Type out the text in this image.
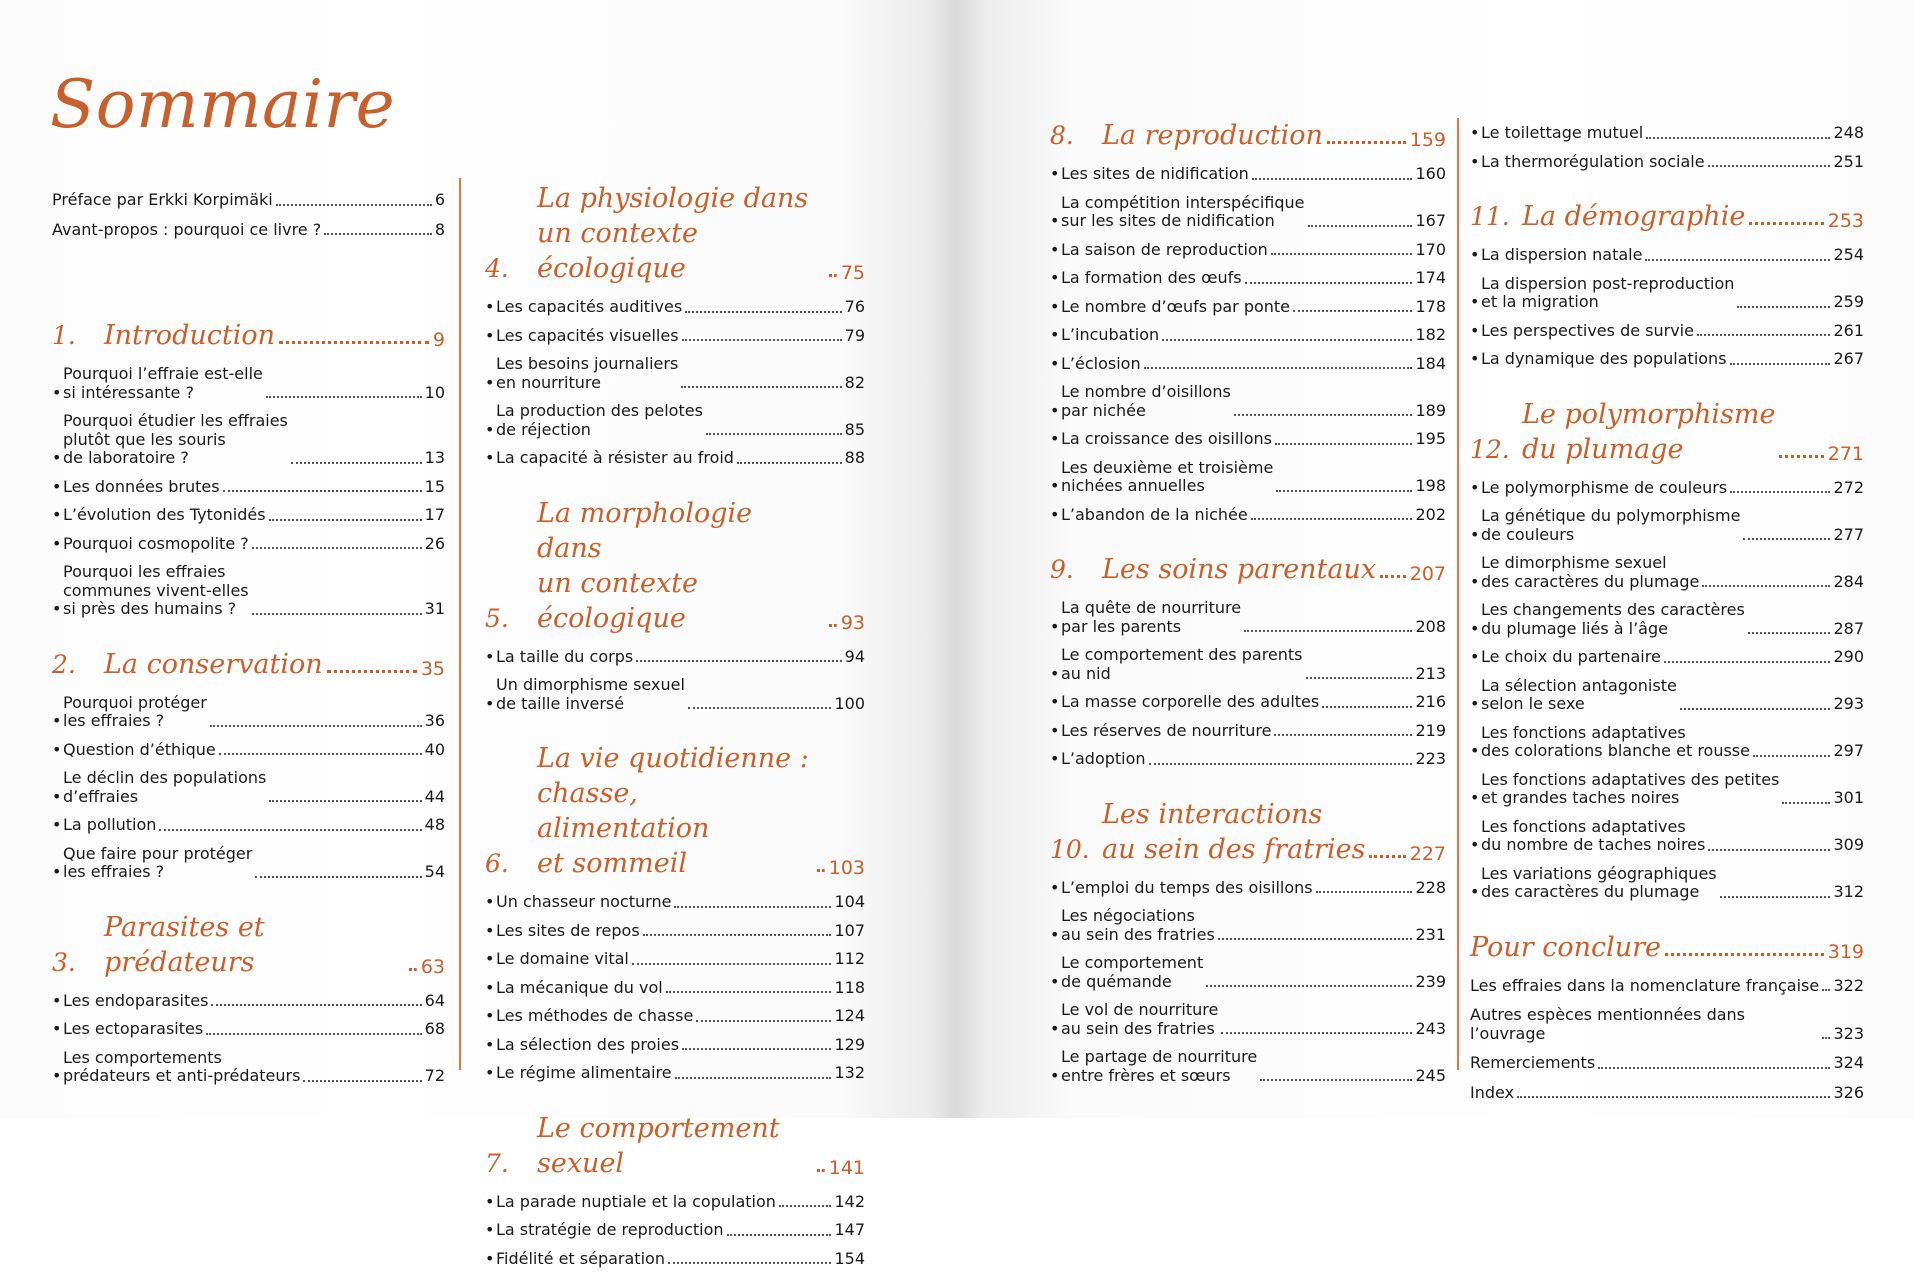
Sommaire
Préface par Erkki Korpimäki	6
Avant-propos : pourquoi ce livre ?	8
1.	Introduction	9
•
Pourquoi l’effraie est-elle
si intéressante ?	10
•
Pourquoi étudier les effraies
plutôt que les souris
de laboratoire ?	13
• Les données brutes	15
• L’évolution des Tytonidés	17
• Pourquoi cosmopolite ?	26
•
Pourquoi les effraies
communes vivent-elles
si près des humains ?	31
2.	La conservation	35
•
Pourquoi protéger
les effraies ?	36
• Question d’éthique	40
•
Le déclin des populations
d’effraies	44
• La pollution	48
•
Que faire pour protéger
les effraies ?	54
3.
Parasites et prédateurs	63
• Les endoparasites	64
• Les ectoparasites	68
•
Les comportements
prédateurs et anti-prédateurs	72
4.
La physiologie dans
un contexte écologique	75
• Les capacités auditives	76
• Les capacités visuelles	79
•
Les besoins journaliers
en nourriture	82
•
La production des pelotes
de réjection	85
• La capacité à résister au froid	88
5.
La morphologie dans
un contexte écologique	93
• La taille du corps	94
•
Un dimorphisme sexuel
de taille inversé	100
6.
La vie quotidienne :
chasse, alimentation
et sommeil	103
• Un chasseur nocturne	104
• Les sites de repos	107
• Le domaine vital	112
• La mécanique du vol	118
• Les méthodes de chasse	124
• La sélection des proies	129
• Le régime alimentaire	132
7.
Le comportement sexuel	141
• La parade nuptiale et la copulation	142
• La stratégie de reproduction	147
• Fidélité et séparation	154
8.	La reproduction	159
• Les sites de nidification	160
•
La compétition interspécifique
sur les sites de nidification	167
• La saison de reproduction	170
• La formation des œufs	174
• Le nombre d’œufs par ponte	178
• L’incubation	182
• L’éclosion	184
•
Le nombre d’oisillons
par nichée	189
• La croissance des oisillons	195
•
Les deuxième et troisième
nichées annuelles	198
• L’abandon de la nichée	202
9.	Les soins parentaux 207
•
La quête de nourriture
par les parents	208
•
Le comportement des parents
au nid	213
• La masse corporelle des adultes	216
• Les réserves de nourriture	219
• L’adoption	223
10.
Les interactions
au sein des fratries 227
• L’emploi du temps des oisillons	228
•
Les négociations
au sein des fratries	231
•
Le comportement
de quémande	239
•
Le vol de nourriture
au sein des fratries	243
•
Le partage de nourriture
entre frères et sœurs	245
• Le toilettage mutuel	248
• La thermorégulation sociale	251
11. La démographie	253
• La dispersion natale	254
•
La dispersion post-reproduction
et la migration	259
• Les perspectives de survie	261
• La dynamique des populations	267
12.
Le polymorphisme
du plumage	271
• Le polymorphisme de couleurs	272
•
La génétique du polymorphisme
de couleurs	277
•
Le dimorphisme sexuel
des caractères du plumage	284
•
Les changements des caractères
du plumage liés à l’âge	287
• Le choix du partenaire	290
•
La sélection antagoniste
selon le sexe	293
•
Les fonctions adaptatives
des colorations blanche et rousse	297
•
Les fonctions adaptatives des petites
et grandes taches noires	301
•
Les fonctions adaptatives
du nombre de taches noires	309
•
Les variations géographiques
des caractères du plumage	312
Pour conclure	319
Les effraies dans la nomenclature française 322
Autres espèces mentionnées dans l’ouvrage	323
Remerciements	324
Index	326
